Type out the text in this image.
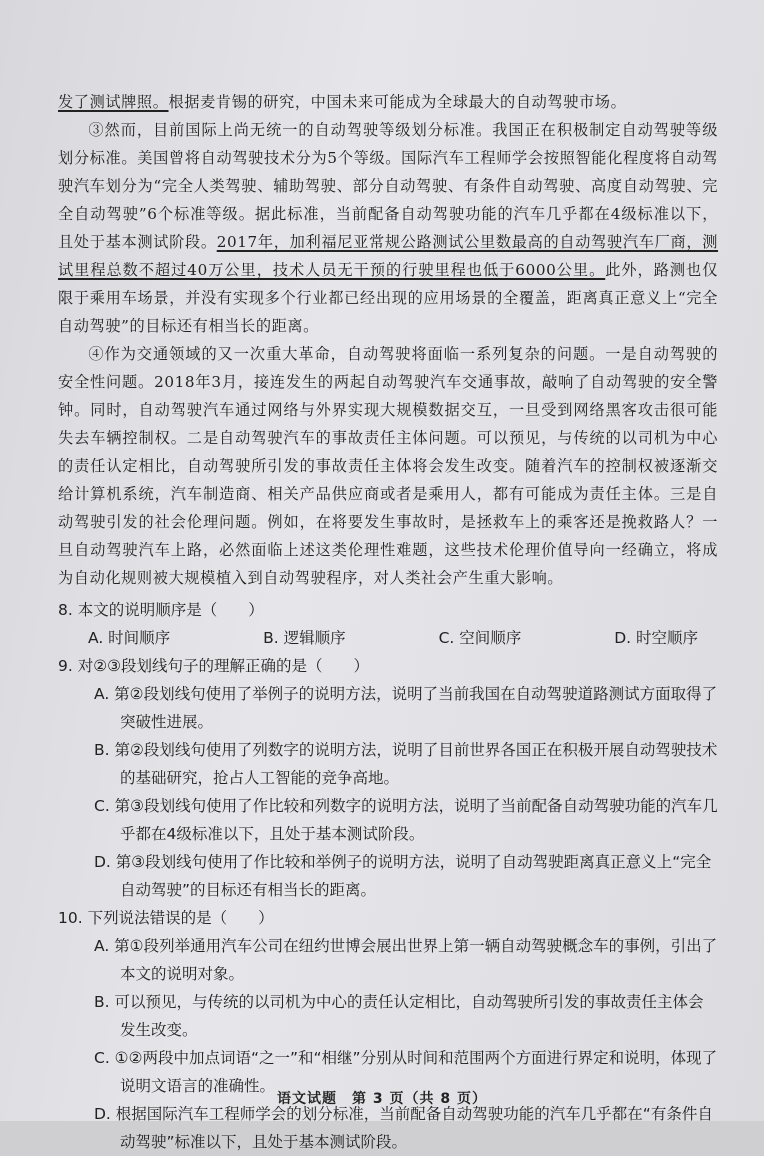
发了测试牌照。根据麦肯锡的研究，中国未来可能成为全球最大的自动驾驶市场。

③然而，目前国际上尚无统一的自动驾驶等级划分标准。我国正在积极制定自动驾驶等级划分标准。美国曾将自动驾驶技术分为5个等级。国际汽车工程师学会按照智能化程度将自动驾驶汽车划分为“完全人类驾驶、辅助驾驶、部分自动驾驶、有条件自动驾驶、高度自动驾驶、完全自动驾驶”6个标准等级。据此标准，当前配备自动驾驶功能的汽车几乎都在4级标准以下，且处于基本测试阶段。2017年，加利福尼亚常规公路测试公里数最高的自动驾驶汽车厂商，测试里程总数不超过40万公里，技术人员无干预的行驶里程也低于6000公里。此外，路测也仅限于乘用车场景，并没有实现多个行业都已经出现的应用场景的全覆盖，距离真正意义上“完全自动驾驶”的目标还有相当长的距离。

④作为交通领域的又一次重大革命，自动驾驶将面临一系列复杂的问题。一是自动驾驶的安全性问题。2018年3月，接连发生的两起自动驾驶汽车交通事故，敲响了自动驾驶的安全警钟。同时，自动驾驶汽车通过网络与外界实现大规模数据交互，一旦受到网络黑客攻击很可能失去车辆控制权。二是自动驾驶汽车的事故责任主体问题。可以预见，与传统的以司机为中心的责任认定相比，自动驾驶所引发的事故责任主体将会发生改变。随着汽车的控制权被逐渐交给计算机系统，汽车制造商、相关产品供应商或者是乘用人，都有可能成为责任主体。三是自动驾驶引发的社会伦理问题。例如，在将要发生事故时，是拯救车上的乘客还是挽救路人？一旦自动驾驶汽车上路，必然面临上述这类伦理性难题，这些技术伦理价值导向一经确立，将成为自动化规则被大规模植入到自动驾驶程序，对人类社会产生重大影响。

8. 本文的说明顺序是（　　）

A. 时间顺序	B. 逻辑顺序	C. 空间顺序	D. 时空顺序

9. 对②③段划线句子的理解正确的是（　　）

A. 第②段划线句使用了举例子的说明方法，说明了当前我国在自动驾驶道路测试方面取得了突破性进展。

B. 第②段划线句使用了列数字的说明方法，说明了目前世界各国正在积极开展自动驾驶技术的基础研究，抢占人工智能的竞争高地。

C. 第③段划线句使用了作比较和列数字的说明方法，说明了当前配备自动驾驶功能的汽车几乎都在4级标准以下，且处于基本测试阶段。

D. 第③段划线句使用了作比较和举例子的说明方法，说明了自动驾驶距离真正意义上“完全自动驾驶”的目标还有相当长的距离。

10. 下列说法错误的是（　　）

A. 第①段列举通用汽车公司在纽约世博会展出世界上第一辆自动驾驶概念车的事例，引出了本文的说明对象。

B. 可以预见，与传统的以司机为中心的责任认定相比，自动驾驶所引发的事故责任主体会发生改变。

C. ①②两段中加点词语“之一”和“相继”分别从时间和范围两个方面进行界定和说明，体现了说明文语言的准确性。

D. 根据国际汽车工程师学会的划分标准，当前配备自动驾驶功能的汽车几乎都在“有条件自动驾驶”标准以下，且处于基本测试阶段。

语文试题　第 3 页（共 8 页）
